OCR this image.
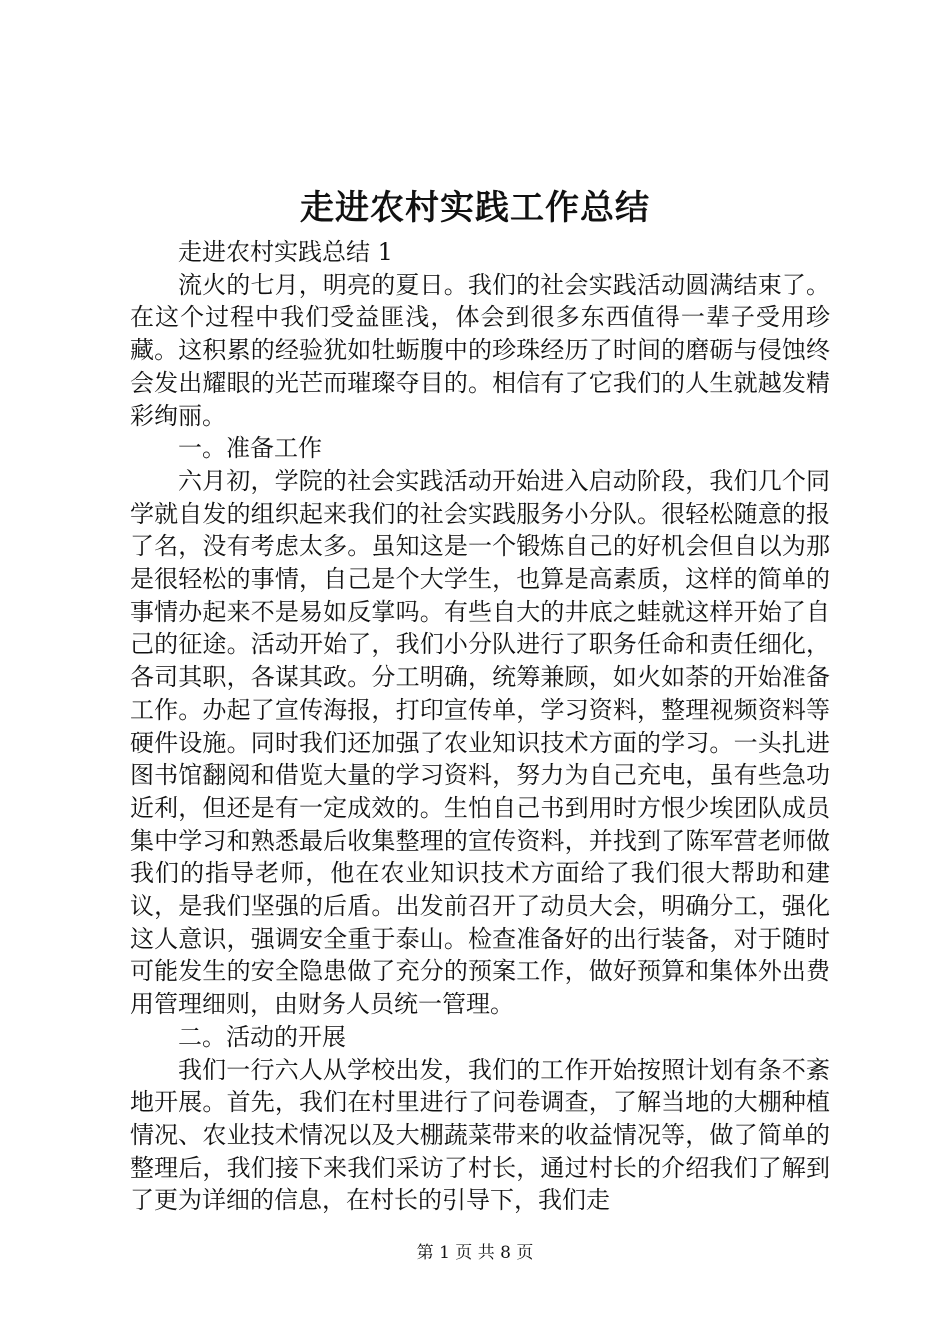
走进农村实践工作总结

走进农村实践总结 1

流火的七月，明亮的夏日。我们的社会实践活动圆满结束了。在这个过程中我们受益匪浅，体会到很多东西值得一辈子受用珍藏。这积累的经验犹如牡蛎腹中的珍珠经历了时间的磨砺与侵蚀终会发出耀眼的光芒而璀璨夺目的。相信有了它我们的人生就越发精彩绚丽。

一。准备工作

六月初，学院的社会实践活动开始进入启动阶段，我们几个同学就自发的组织起来我们的社会实践服务小分队。很轻松随意的报了名，没有考虑太多。虽知这是一个锻炼自己的好机会但自以为那是很轻松的事情，自己是个大学生，也算是高素质，这样的简单的事情办起来不是易如反掌吗。有些自大的井底之蛙就这样开始了自己的征途。活动开始了，我们小分队进行了职务任命和责任细化，各司其职，各谋其政。分工明确，统筹兼顾，如火如荼的开始准备工作。办起了宣传海报，打印宣传单，学习资料，整理视频资料等硬件设施。同时我们还加强了农业知识技术方面的学习。一头扎进图书馆翻阅和借览大量的学习资料，努力为自己充电，虽有些急功近利，但还是有一定成效的。生怕自己书到用时方恨少埃团队成员集中学习和熟悉最后收集整理的宣传资料，并找到了陈军营老师做我们的指导老师，他在农业知识技术方面给了我们很大帮助和建议，是我们坚强的后盾。出发前召开了动员大会，明确分工，强化这人意识，强调安全重于泰山。检查准备好的出行装备，对于随时可能发生的安全隐患做了充分的预案工作，做好预算和集体外出费用管理细则，由财务人员统一管理。

二。活动的开展

我们一行六人从学校出发，我们的工作开始按照计划有条不紊地开展。首先，我们在村里进行了问卷调查，了解当地的大棚种植情况、农业技术情况以及大棚蔬菜带来的收益情况等，做了简单的整理后，我们接下来我们采访了村长，通过村长的介绍我们了解到了更为详细的信息，在村长的引导下，我们走

第 1 页 共 8 页
